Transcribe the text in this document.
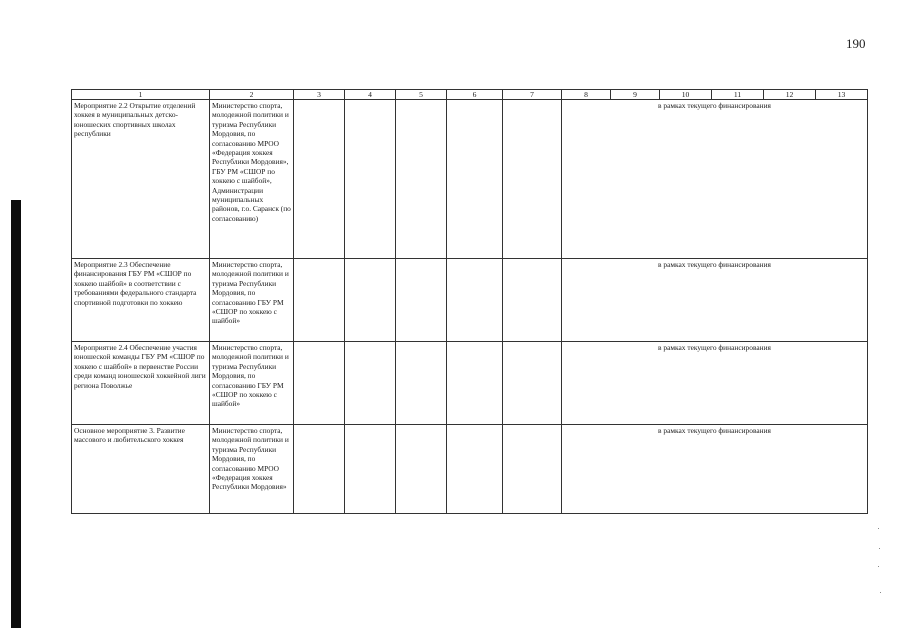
190
1	2	3	4	5	6	7	8	9	10	11	12	13
Мероприятие 2.2 Открытие отделений хоккея в муниципальных детско-юношеских спортивных школах республики	Министерство спорта, молодежной политики и туризма Республики Мордовия, по согласованию МРОО «Федерация хоккея Республики Мордовия», ГБУ РМ «СШОР по хоккею с шайбой», Администрации муниципальных районов, г.о. Саранск (по согласованию)						в рамках текущего финансирования					
Мероприятие 2.3 Обеспечение финансирования ГБУ РМ «СШОР по хоккею шайбой» в соответствии с требованиями федерального стандарта спортивной подготовки по хоккею	Министерство спорта, молодежной политики и туризма Республики Мордовия, по согласованию ГБУ РМ «СШОР по хоккею с шайбой»						в рамках текущего финансирования					
Мероприятие 2.4 Обеспечение участия юношеской команды ГБУ РМ «СШОР по хоккею с шайбой» в первенстве России среди команд юношеской хоккейной лиги региона Поволжье	Министерство спорта, молодежной политики и туризма Республики Мордовия, по согласованию ГБУ РМ «СШОР по хоккею с шайбой»						в рамках текущего финансирования					
Основное мероприятие 3. Развитие массового и любительского хоккея	Министерство спорта, молодежной политики и туризма Республики Мордовия, по согласованию МРОО «Федерация хоккея Республики Мордовия»						в рамках текущего финансирования					
